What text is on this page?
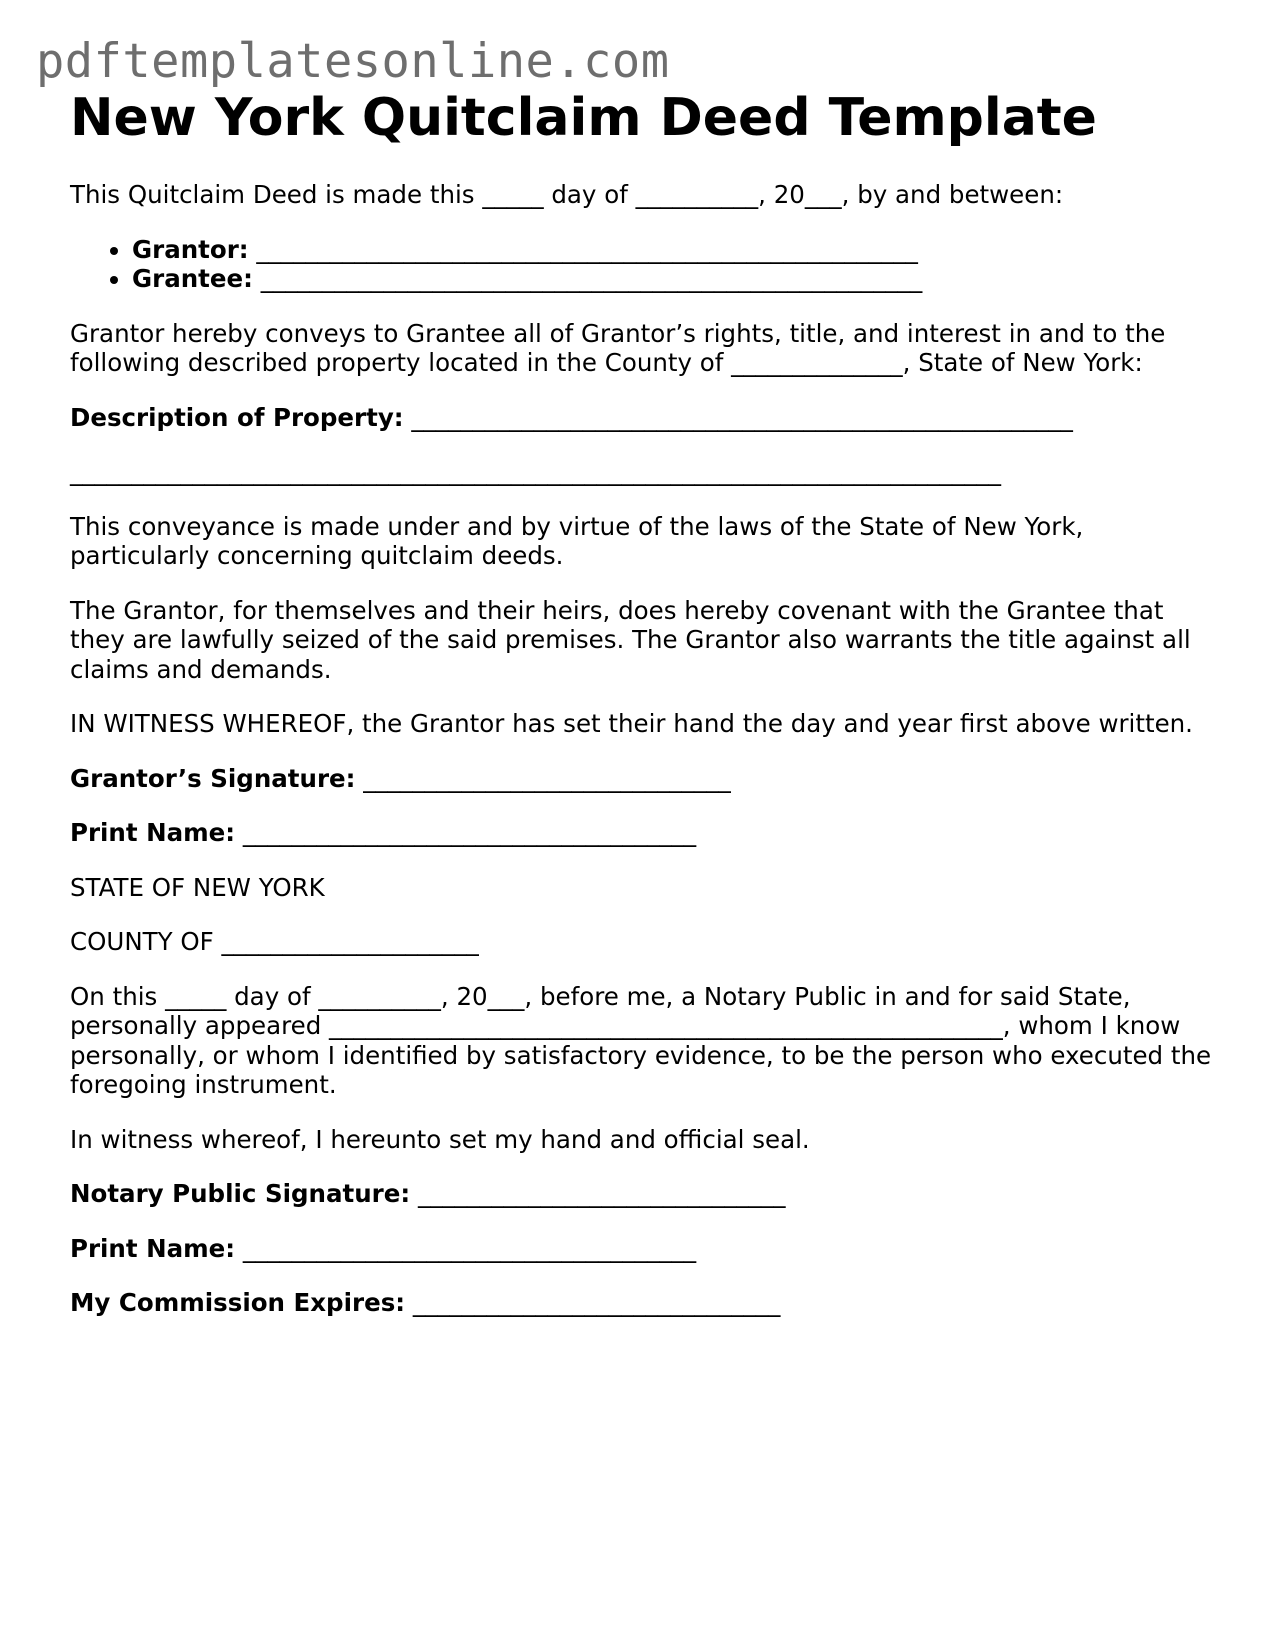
pdftemplatesonline.com
New York Quitclaim Deed Template

This Quitclaim Deed is made this _____ day of __________, 20___, by and between:

• Grantor: ______________________________________________________
• Grantee: ______________________________________________________

Grantor hereby conveys to Grantee all of Grantor’s rights, title, and interest in and to the following described property located in the County of ______________, State of New York:

Description of Property: ______________________________________________________

____________________________________________________________________________

This conveyance is made under and by virtue of the laws of the State of New York, particularly concerning quitclaim deeds.

The Grantor, for themselves and their heirs, does hereby covenant with the Grantee that they are lawfully seized of the said premises. The Grantor also warrants the title against all claims and demands.

IN WITNESS WHEREOF, the Grantor has set their hand the day and year first above written.

Grantor’s Signature: ______________________________

Print Name: _____________________________________

STATE OF NEW YORK

COUNTY OF _____________________

On this _____ day of __________, 20___, before me, a Notary Public in and for said State, personally appeared _______________________________________________________, whom I know personally, or whom I identified by satisfactory evidence, to be the person who executed the foregoing instrument.

In witness whereof, I hereunto set my hand and official seal.

Notary Public Signature: ______________________________

Print Name: _____________________________________

My Commission Expires: ______________________________
